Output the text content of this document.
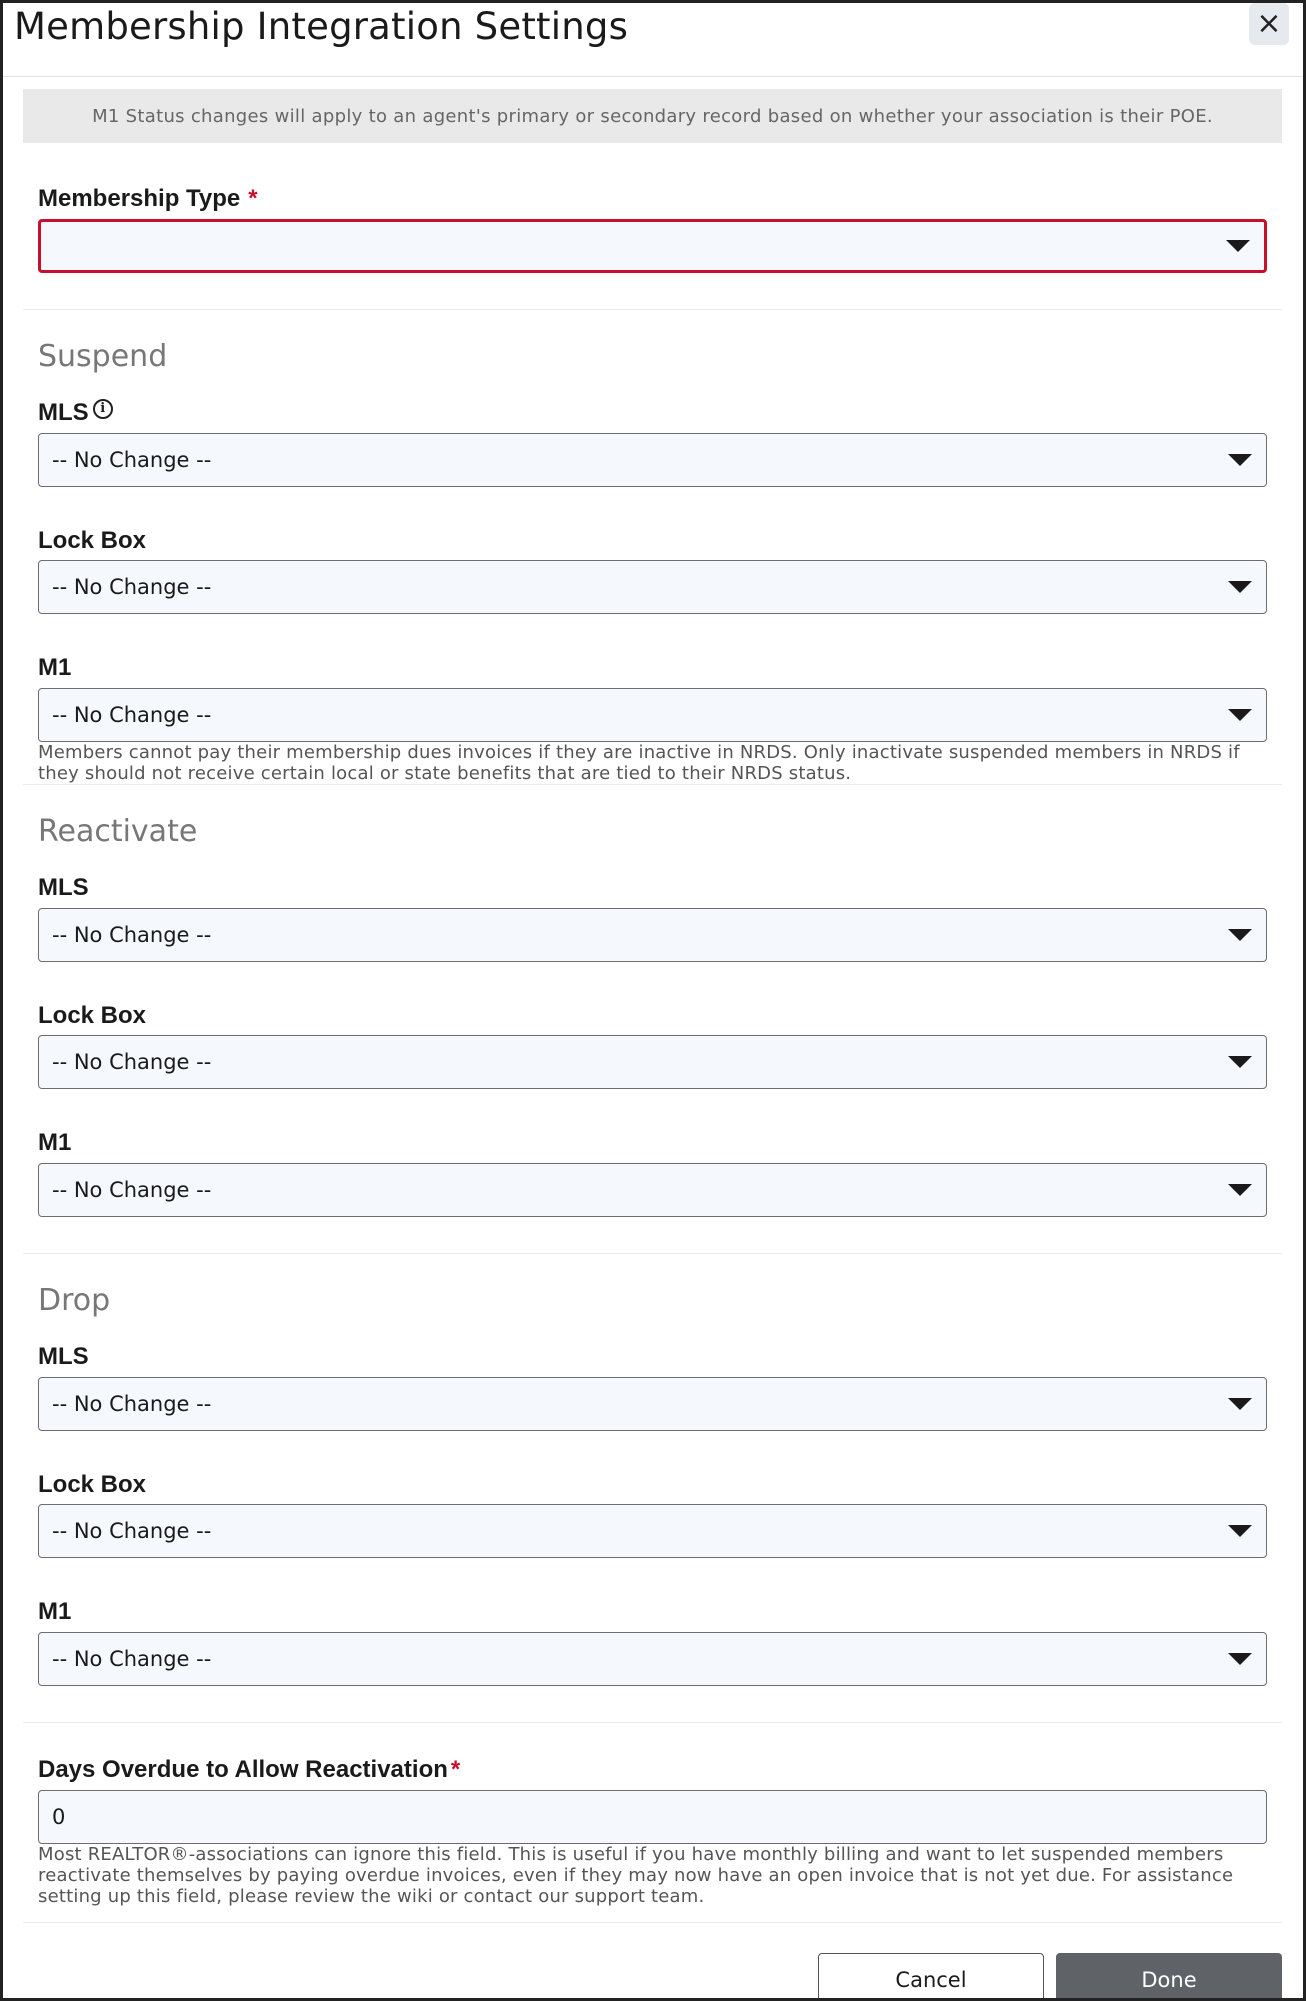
Membership Integration Settings	×
M1 Status changes will apply to an agent's primary or secondary record based on whether your association is their POE.
Membership Type *
Suspend
MLS i
-- No Change --
Lock Box
-- No Change --
M1
-- No Change --
Members cannot pay their membership dues invoices if they are inactive in NRDS. Only inactivate suspended members in NRDS if they should not receive certain local or state benefits that are tied to their NRDS status.
Reactivate
MLS
-- No Change --
Lock Box
-- No Change --
M1
-- No Change --
Drop
MLS
-- No Change --
Lock Box
-- No Change --
M1
-- No Change --
Days Overdue to Allow Reactivation *
0
Most REALTOR®-associations can ignore this field. This is useful if you have monthly billing and want to let suspended members reactivate themselves by paying overdue invoices, even if they may now have an open invoice that is not yet due. For assistance setting up this field, please review the wiki or contact our support team.
Cancel	Done
